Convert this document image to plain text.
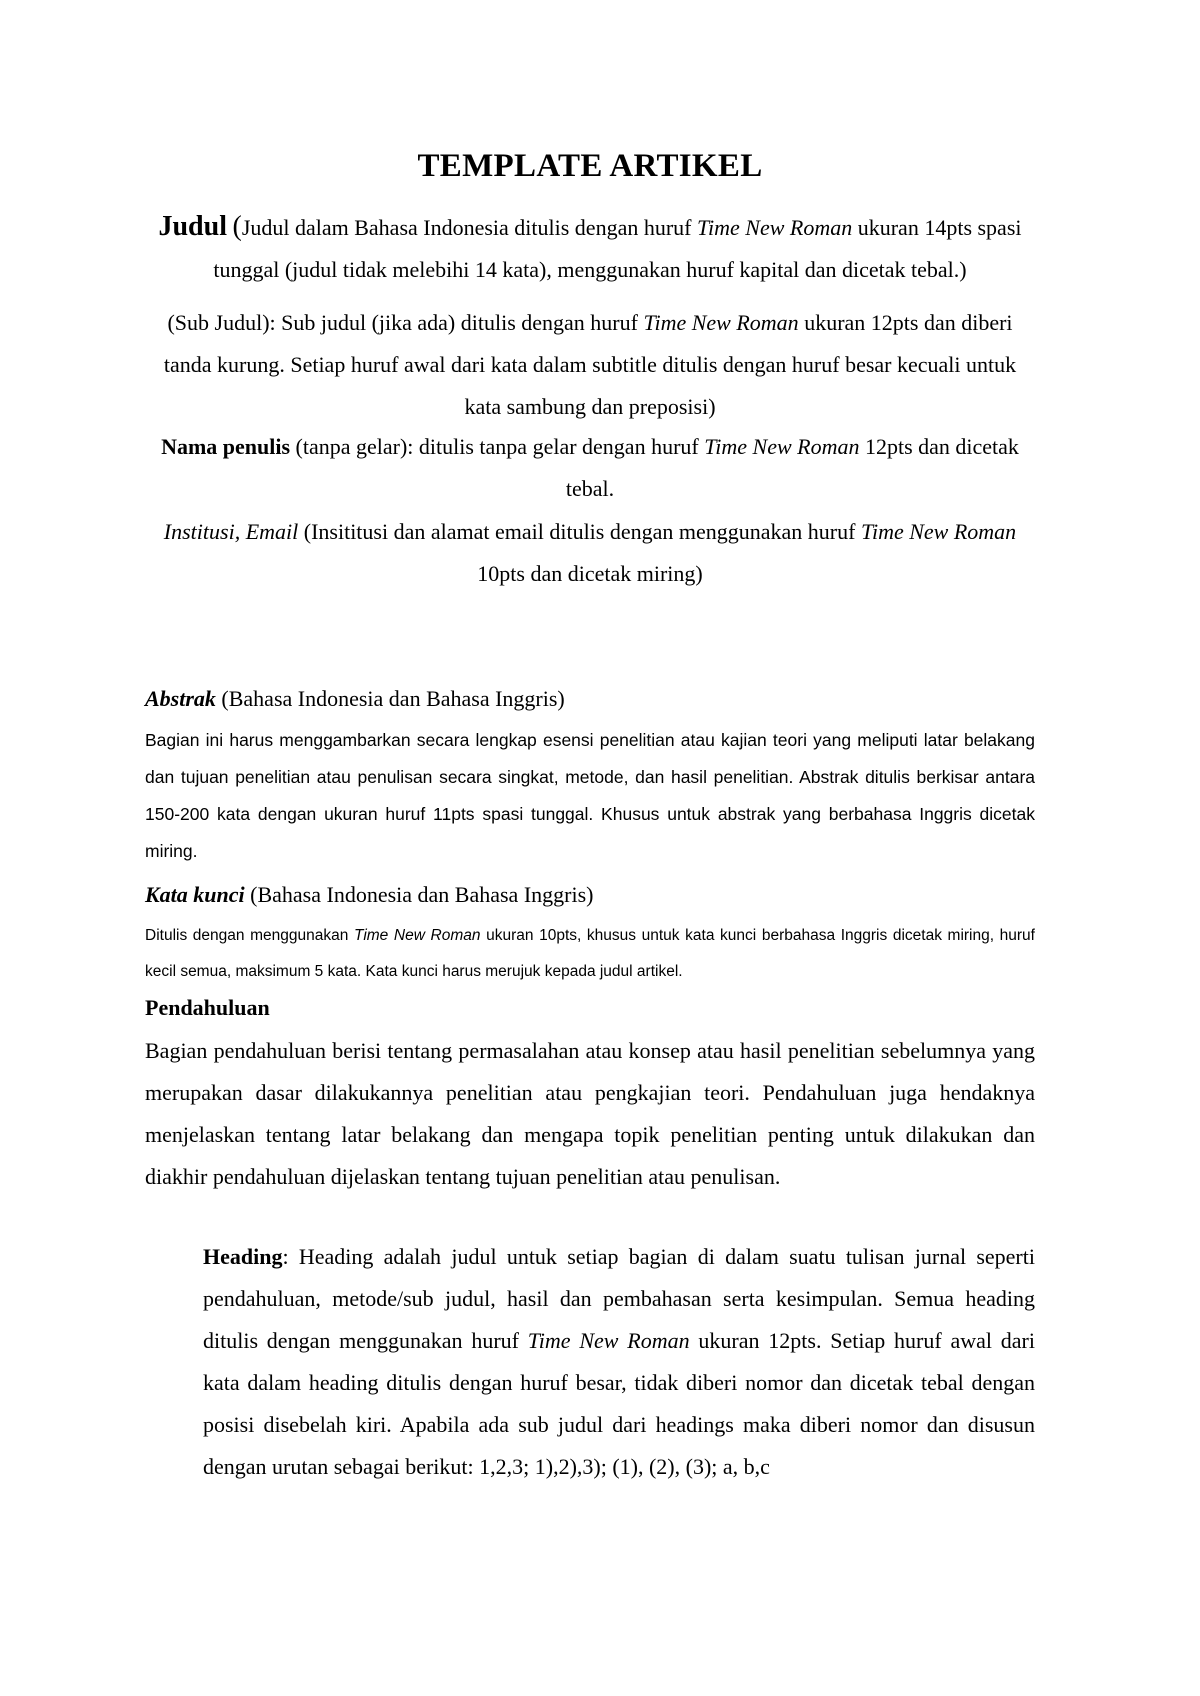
TEMPLATE ARTIKEL
Judul (Judul dalam Bahasa Indonesia ditulis dengan huruf Time New Roman ukuran 14pts spasi tunggal (judul tidak melebihi 14 kata), menggunakan huruf kapital dan dicetak tebal.)
(Sub Judul): Sub judul (jika ada) ditulis dengan huruf Time New Roman ukuran 12pts dan diberi tanda kurung. Setiap huruf awal dari kata dalam subtitle ditulis dengan huruf besar kecuali untuk kata sambung dan preposisi)
Nama penulis (tanpa gelar): ditulis tanpa gelar dengan huruf Time New Roman 12pts dan dicetak tebal.
Institusi, Email (Insititusi dan alamat email ditulis dengan menggunakan huruf Time New Roman 10pts dan dicetak miring)
Abstrak (Bahasa Indonesia dan Bahasa Inggris)
Bagian ini harus menggambarkan secara lengkap esensi penelitian atau kajian teori yang meliputi latar belakang dan tujuan penelitian atau penulisan secara singkat, metode, dan hasil penelitian. Abstrak ditulis berkisar antara 150-200 kata dengan ukuran huruf 11pts spasi tunggal. Khusus untuk abstrak yang berbahasa Inggris dicetak miring.
Kata kunci (Bahasa Indonesia dan Bahasa Inggris)
Ditulis dengan menggunakan Time New Roman ukuran 10pts, khusus untuk kata kunci berbahasa Inggris dicetak miring, huruf kecil semua, maksimum 5 kata. Kata kunci harus merujuk kepada judul artikel.
Pendahuluan
Bagian pendahuluan berisi tentang permasalahan atau konsep atau hasil penelitian sebelumnya yang merupakan dasar dilakukannya penelitian atau pengkajian teori. Pendahuluan juga hendaknya menjelaskan tentang latar belakang dan mengapa topik penelitian penting untuk dilakukan dan diakhir pendahuluan dijelaskan tentang tujuan penelitian atau penulisan.
Heading: Heading adalah judul untuk setiap bagian di dalam suatu tulisan jurnal seperti pendahuluan, metode/sub judul, hasil dan pembahasan serta kesimpulan. Semua heading ditulis dengan menggunakan huruf Time New Roman ukuran 12pts. Setiap huruf awal dari kata dalam heading ditulis dengan huruf besar, tidak diberi nomor dan dicetak tebal dengan posisi disebelah kiri. Apabila ada sub judul dari headings maka diberi nomor dan disusun dengan urutan sebagai berikut: 1,2,3; 1),2),3); (1), (2), (3); a, b,c
